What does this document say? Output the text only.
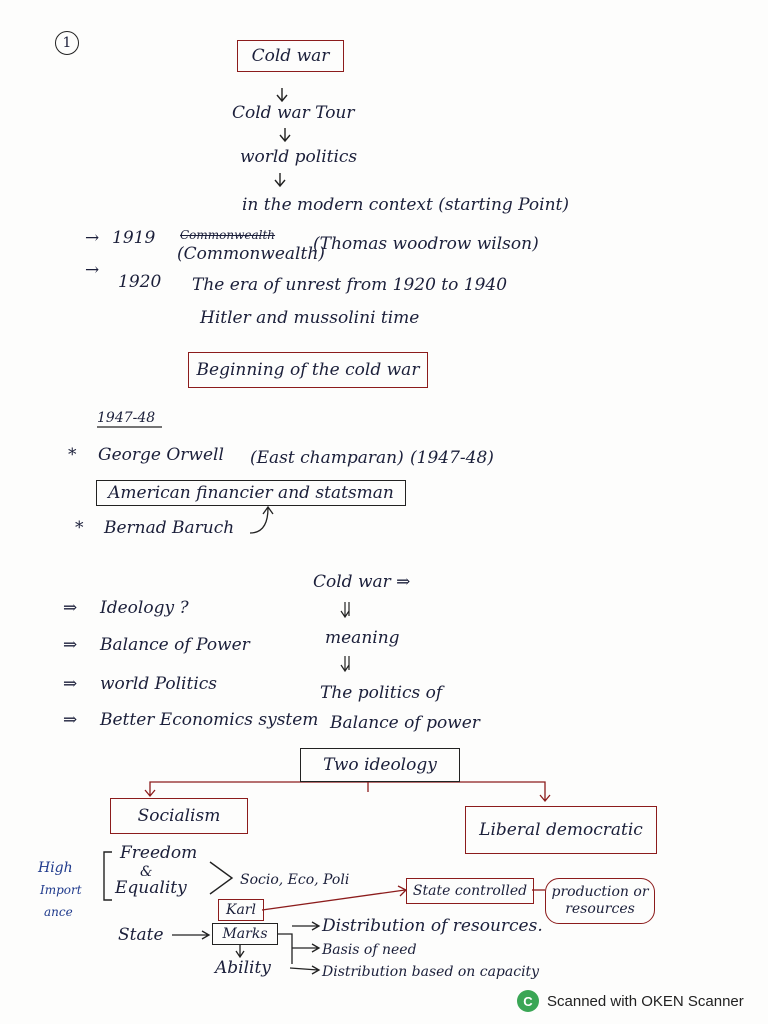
1
Cold war
Cold war Tour
world politics
in the modern context (starting Point)
→ 1919 Commonwealth
(Commonwealth)
(Thomas woodrow wilson)
→
1920 The era of unrest from 1920 to 1940
Hitler and mussolini time
Beginning of the cold war
1947-48
* George Orwell (East champaran) (1947-48)
American financier and statsman
* Bernad Baruch
Cold war ⇒
meaning
The politics of
Balance of power
⇒ Ideology ?
⇒ Balance of Power
⇒ world Politics
⇒ Better Economics system
Two ideology
Socialism
Liberal democratic
High
Import
ance
Freedom
&
Equality	Socio, Eco, Poli
State controlled production or
resources
Karl
State	Marks
Ability
Distribution of resources.
Basis of need
Distribution based on capacity
C Scanned with OKEN Scanner
